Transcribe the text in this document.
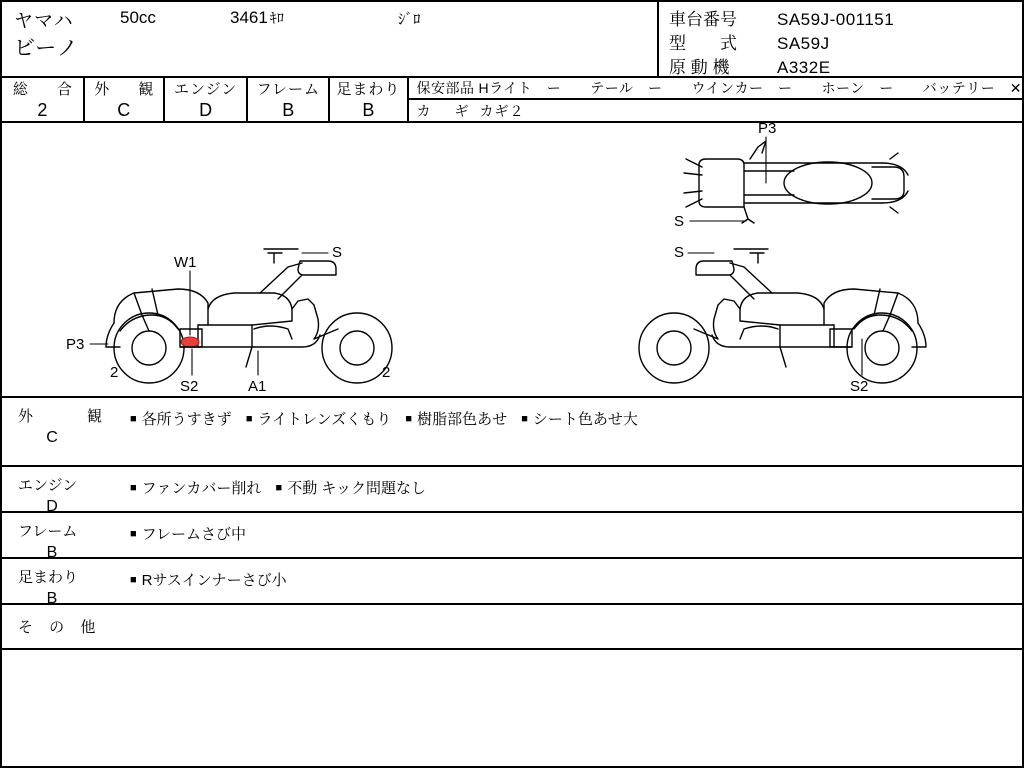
ヤマハ
ビーノ
50cc	3461 ｷﾛ	ｼﾞﾛ	車台番号	SA59J-001151
型　　式	SA59J
原 動 機	A332E
総　合
2
外　観
C
エンジン
D
フレーム
B
足まわり
B
保安部品 Hライト　ー　　テール　ー　　ウインカー　ー　　ホーン　ー　　バッテリー　✕
カ　ギ カギ２
P3
S
W1
S
P3
S2	A1
2	2
S
S2
外　　観
C
■ 各所うすきず ■ ライトレンズくもり ■ 樹脂部色あせ ■ シート色あせ大
エンジン
D
■ ファンカバー削れ ■ 不動 キック問題なし
フレーム
B
■ フレームさび中
足まわり
B
■ Rサスインナーさび小
そ の 他
